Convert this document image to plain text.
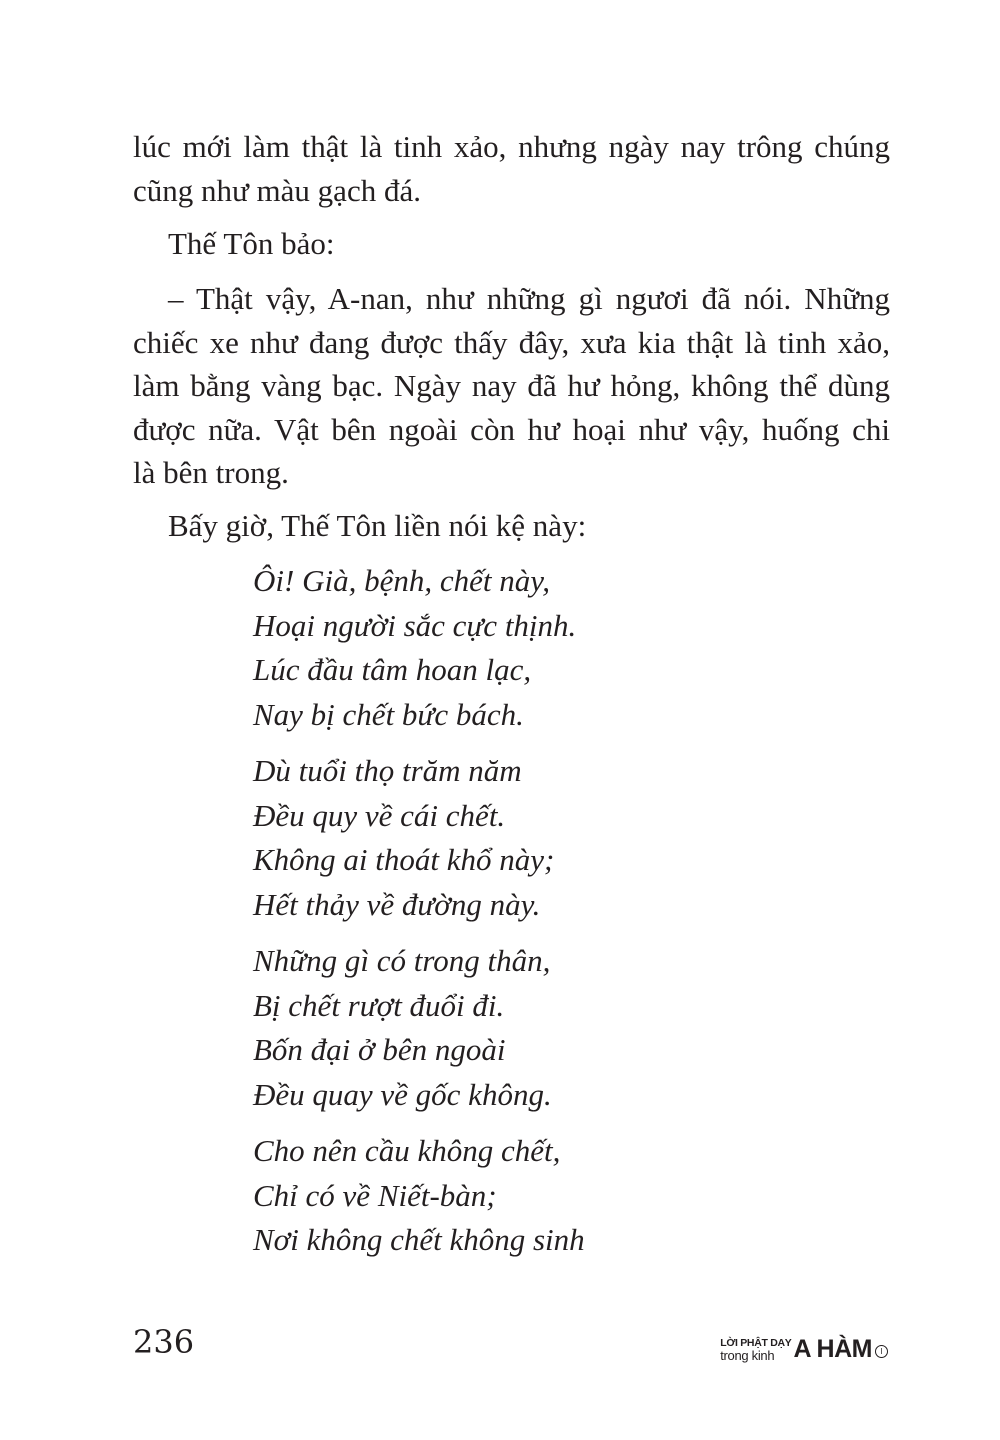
lúc mới làm thật là tinh xảo, nhưng ngày nay trông chúng
cũng như màu gạch đá.
Thế Tôn bảo:
– Thật vậy, A-nan, như những gì ngươi đã nói. Những
chiếc xe như đang được thấy đây, xưa kia thật là tinh xảo,
làm bằng vàng bạc. Ngày nay đã hư hỏng, không thể dùng
được nữa. Vật bên ngoài còn hư hoại như vậy, huống chi
là bên trong.
Bấy giờ, Thế Tôn liền nói kệ này:
Ôi! Già, bệnh, chết này,
Hoại người sắc cực thịnh.
Lúc đầu tâm hoan lạc,
Nay bị chết bức bách.
Dù tuổi thọ trăm năm
Đều quy về cái chết.
Không ai thoát khổ này;
Hết thảy về đường này.
Những gì có trong thân,
Bị chết rượt đuổi đi.
Bốn đại ở bên ngoài
Đều quay về gốc không.
Cho nên cầu không chết,
Chỉ có về Niết-bàn;
Nơi không chết không sinh
236	LỜI PHẬT DẠY
trong kinh A HÀM	I
